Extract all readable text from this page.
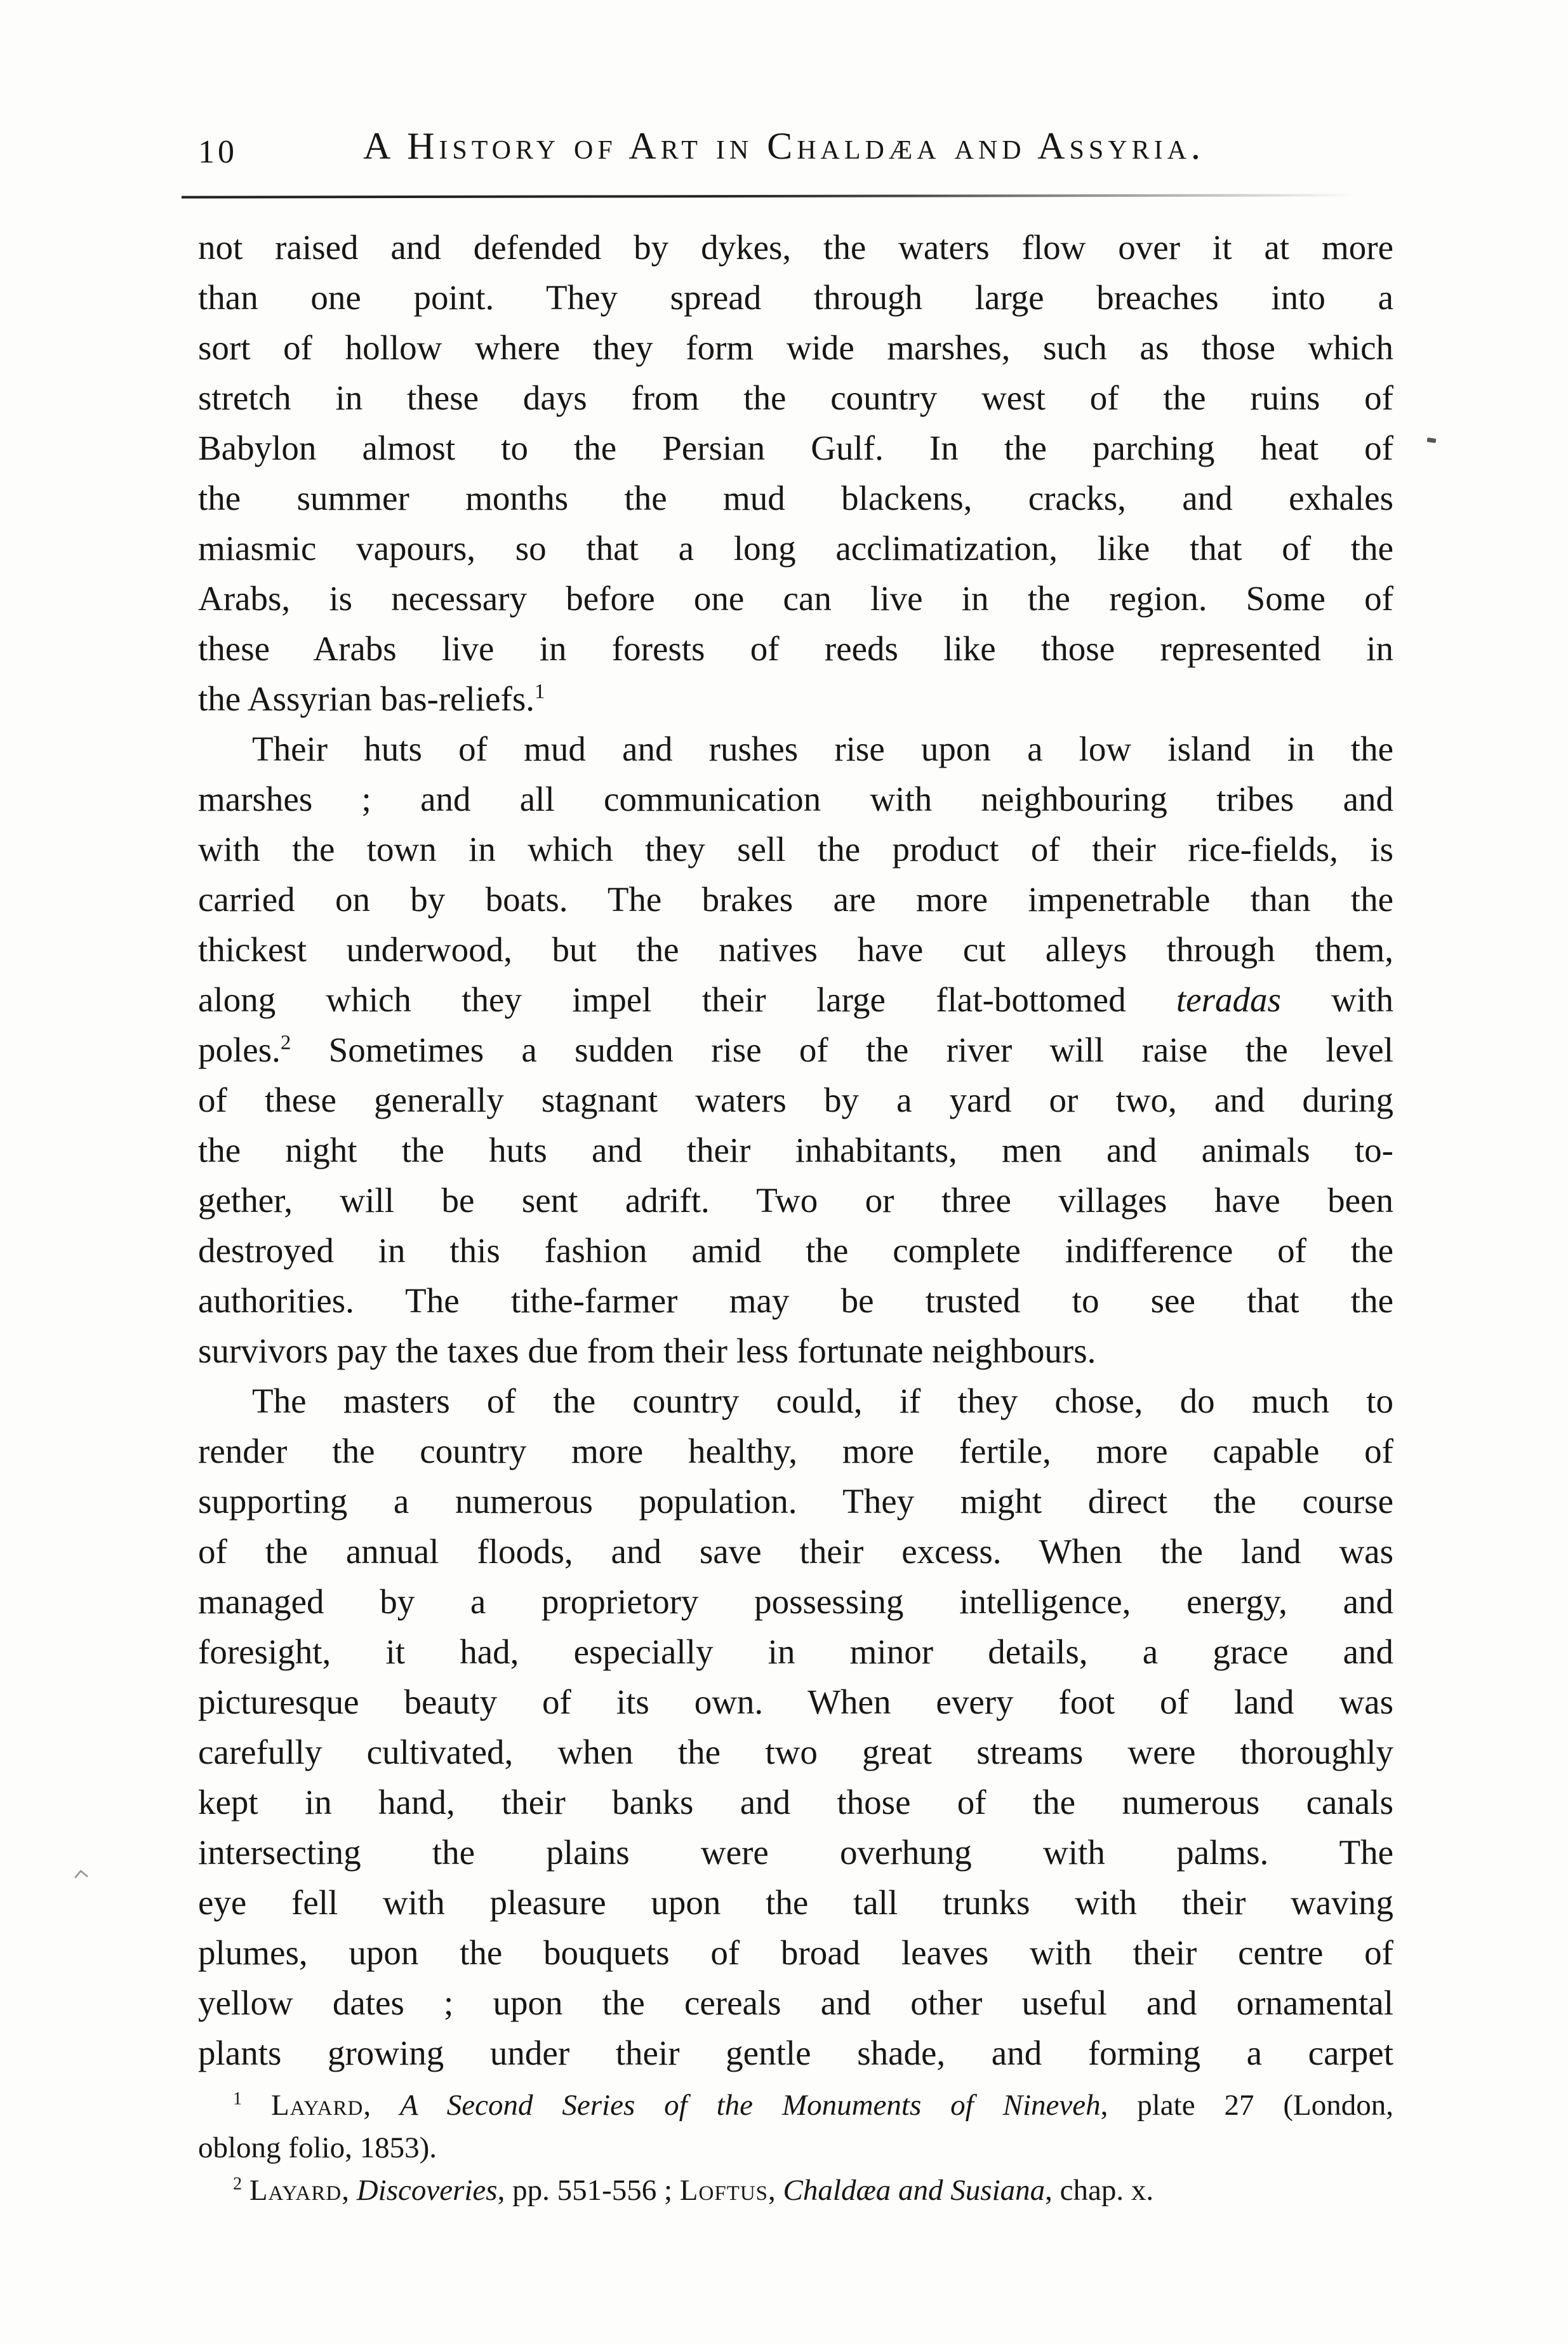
10	A History of Art in Chaldæa and Assyria.
not raised and defended by dykes, the waters flow over it at more
than one point. They spread through large breaches into a
sort of hollow where they form wide marshes, such as those which
stretch in these days from the country west of the ruins of
Babylon almost to the Persian Gulf. In the parching heat of
the summer months the mud blackens, cracks, and exhales
miasmic vapours, so that a long acclimatization, like that of the
Arabs, is necessary before one can live in the region. Some of
these Arabs live in forests of reeds like those represented in
the Assyrian bas-reliefs.$^1$
Their huts of mud and rushes rise upon a low island in the
marshes ; and all communication with neighbouring tribes and
with the town in which they sell the product of their rice-fields, is
carried on by boats. The brakes are more impenetrable than the
thickest underwood, but the natives have cut alleys through them,
along which they impel their large flat-bottomed teradas with
poles.$^2$ Sometimes a sudden rise of the river will raise the level
of these generally stagnant waters by a yard or two, and during
the night the huts and their inhabitants, men and animals to-
gether, will be sent adrift. Two or three villages have been
destroyed in this fashion amid the complete indifference of the
authorities. The tithe-farmer may be trusted to see that the
survivors pay the taxes due from their less fortunate neighbours.
The masters of the country could, if they chose, do much to
render the country more healthy, more fertile, more capable of
supporting a numerous population. They might direct the course
of the annual floods, and save their excess. When the land was
managed by a proprietory possessing intelligence, energy, and
foresight, it had, especially in minor details, a grace and
picturesque beauty of its own. When every foot of land was
carefully cultivated, when the two great streams were thoroughly
kept in hand, their banks and those of the numerous canals
intersecting the plains were overhung with palms. The
eye fell with pleasure upon the tall trunks with their waving
plumes, upon the bouquets of broad leaves with their centre of
yellow dates ; upon the cereals and other useful and ornamental
plants growing under their gentle shade, and forming a carpet
$^1$ Layard, A Second Series of the Monuments of Nineveh, plate 27 (London,
oblong folio, 1853).
$^2$ Layard, Discoveries, pp. 551-556 ; Loftus, Chaldæa and Susiana, chap. x.
